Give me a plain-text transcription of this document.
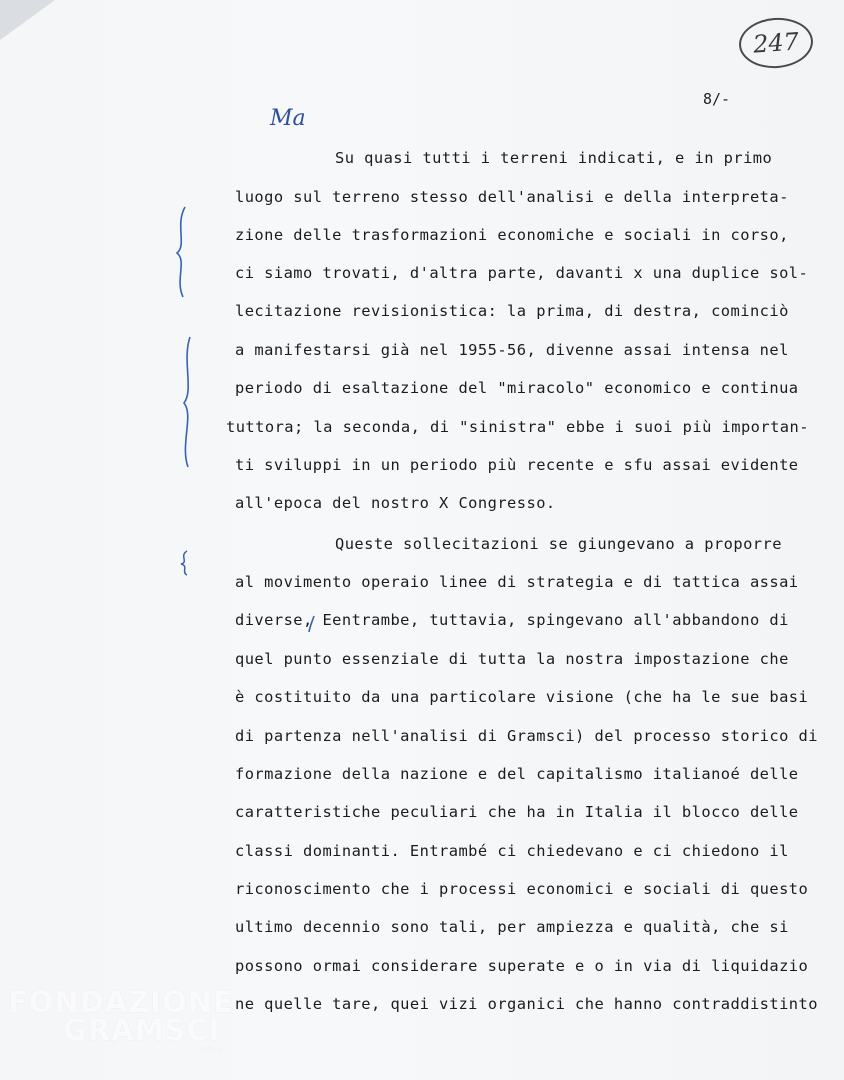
247
8/-
Ma
Su quasi tutti i terreni indicati, e in primo
luogo sul terreno stesso dell'analisi e della interpreta-
zione delle trasformazioni economiche e sociali in corso,
ci siamo trovati, d'altra parte, davanti x una duplice sol-
lecitazione revisionistica: la prima, di destra, cominciò
a manifestarsi già nel 1955-56, divenne assai intensa nel
periodo di esaltazione del "miracolo" economico e continua
tuttora; la seconda, di "sinistra" ebbe i suoi più importan-
ti sviluppi in un periodo più recente e sfu assai evidente
all'epoca del nostro X Congresso.
Queste sollecitazioni se giungevano a proporre
al movimento operaio linee di strategia e di tattica assai
diverse, Eentrambe, tuttavia, spingevano all'abbandono di
quel punto essenziale di tutta la nostra impostazione che
è costituito da una particolare visione (che ha le sue basi
di partenza nell'analisi di Gramsci) del processo storico di
formazione della nazione e del capitalismo italianoé delle
caratteristiche peculiari che ha in Italia il blocco delle
classi dominanti. Entrambé ci chiedevano e ci chiedono il
riconoscimento che i processi economici e sociali di questo
ultimo decennio sono tali, per ampiezza e qualità, che si
possono ormai considerare superate e o in via di liquidazio
ne quelle tare, quei vizi organici che hanno contraddistinto
FONDAZIONE
GRAMSCI
onlus
